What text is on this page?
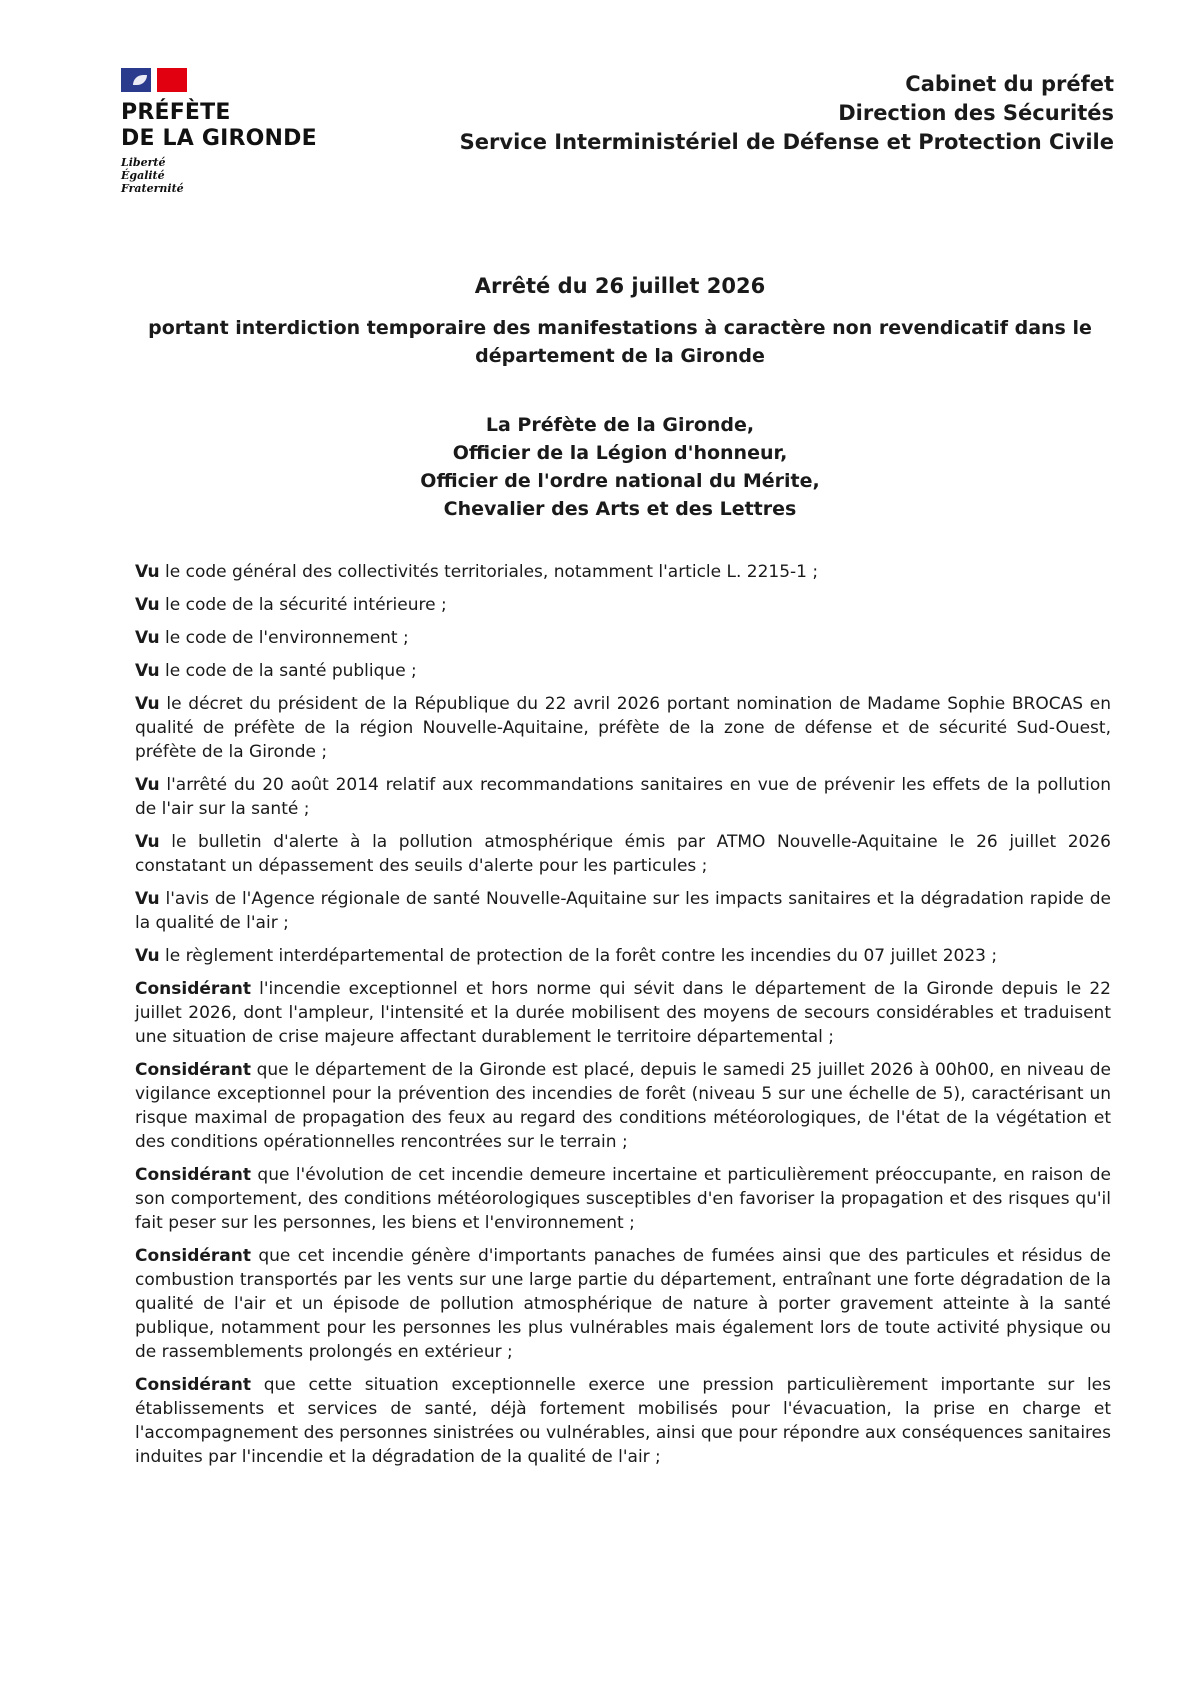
PRÉFÈTE
DE LA GIRONDE
Liberté
Égalité
Fraternité
Cabinet du préfet
Direction des Sécurités
Service Interministériel de Défense et Protection Civile
Arrêté du 26 juillet 2026
portant interdiction temporaire des manifestations à caractère non revendicatif dans le département de la Gironde
La Préfète de la Gironde,
Officier de la Légion d'honneur,
Officier de l'ordre national du Mérite,
Chevalier des Arts et des Lettres

Vu le code général des collectivités territoriales, notamment l'article L. 2215-1 ;

Vu le code de la sécurité intérieure ;

Vu le code de l'environnement ;

Vu le code de la santé publique ;

Vu le décret du président de la République du 22 avril 2026 portant nomination de Madame Sophie BROCAS en qualité de préfète de la région Nouvelle-Aquitaine, préfète de la zone de défense et de sécurité Sud-Ouest, préfète de la Gironde ;

Vu l'arrêté du 20 août 2014 relatif aux recommandations sanitaires en vue de prévenir les effets de la pollution de l'air sur la santé ;

Vu le bulletin d'alerte à la pollution atmosphérique émis par ATMO Nouvelle-Aquitaine le 26 juillet 2026 constatant un dépassement des seuils d'alerte pour les particules ;

Vu l'avis de l'Agence régionale de santé Nouvelle-Aquitaine sur les impacts sanitaires et la dégradation rapide de la qualité de l'air ;

Vu le règlement interdépartemental de protection de la forêt contre les incendies du 07 juillet 2023 ;

Considérant l'incendie exceptionnel et hors norme qui sévit dans le département de la Gironde depuis le 22 juillet 2026, dont l'ampleur, l'intensité et la durée mobilisent des moyens de secours considérables et traduisent une situation de crise majeure affectant durablement le territoire départemental ;

Considérant que le département de la Gironde est placé, depuis le samedi 25 juillet 2026 à 00h00, en niveau de vigilance exceptionnel pour la prévention des incendies de forêt (niveau 5 sur une échelle de 5), caractérisant un risque maximal de propagation des feux au regard des conditions météorologiques, de l'état de la végétation et des conditions opérationnelles rencontrées sur le terrain ;

Considérant que l'évolution de cet incendie demeure incertaine et particulièrement préoccupante, en raison de son comportement, des conditions météorologiques susceptibles d'en favoriser la propagation et des risques qu'il fait peser sur les personnes, les biens et l'environnement ;

Considérant que cet incendie génère d'importants panaches de fumées ainsi que des particules et résidus de combustion transportés par les vents sur une large partie du département, entraînant une forte dégradation de la qualité de l'air et un épisode de pollution atmosphérique de nature à porter gravement atteinte à la santé publique, notamment pour les personnes les plus vulnérables mais également lors de toute activité physique ou de rassemblements prolongés en extérieur ;

Considérant que cette situation exceptionnelle exerce une pression particulièrement importante sur les établissements et services de santé, déjà fortement mobilisés pour l'évacuation, la prise en charge et l'accompagnement des personnes sinistrées ou vulnérables, ainsi que pour répondre aux conséquences sanitaires induites par l'incendie et la dégradation de la qualité de l'air ;
